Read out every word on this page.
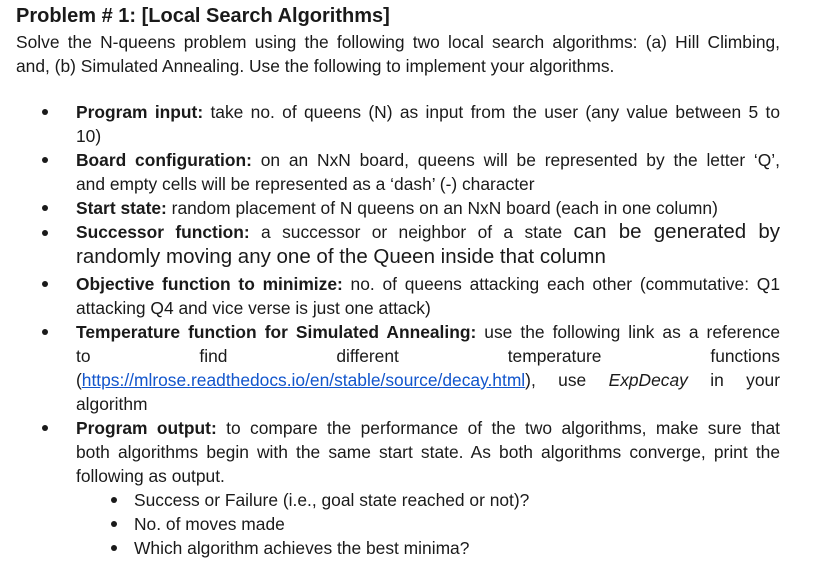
Problem # 1: [Local Search Algorithms]
Solve the N-queens problem using the following two local search algorithms: (a) Hill Climbing,
and, (b) Simulated Annealing. Use the following to implement your algorithms.
Program input: take no. of queens (N) as input from the user (any value between 5 to
10)
Board configuration: on an NxN board, queens will be represented by the letter ‘Q’,
and empty cells will be represented as a ‘dash’ (-) character
Start state: random placement of N queens on an NxN board (each in one column)
Successor function: a successor or neighbor of a state can be generated by
randomly moving any one of the Queen inside that column
Objective function to minimize: no. of queens attacking each other (commutative: Q1
attacking Q4 and vice verse is just one attack)
Temperature function for Simulated Annealing: use the following link as a reference
to	find	different	temperature	functions
(https://mlrose.readthedocs.io/en/stable/source/decay.html), use ExpDecay in your
algorithm
Program output: to compare the performance of the two algorithms, make sure that
both algorithms begin with the same start state. As both algorithms converge, print the
following as output.
Success or Failure (i.e., goal state reached or not)?
No. of moves made
Which algorithm achieves the best minima?
